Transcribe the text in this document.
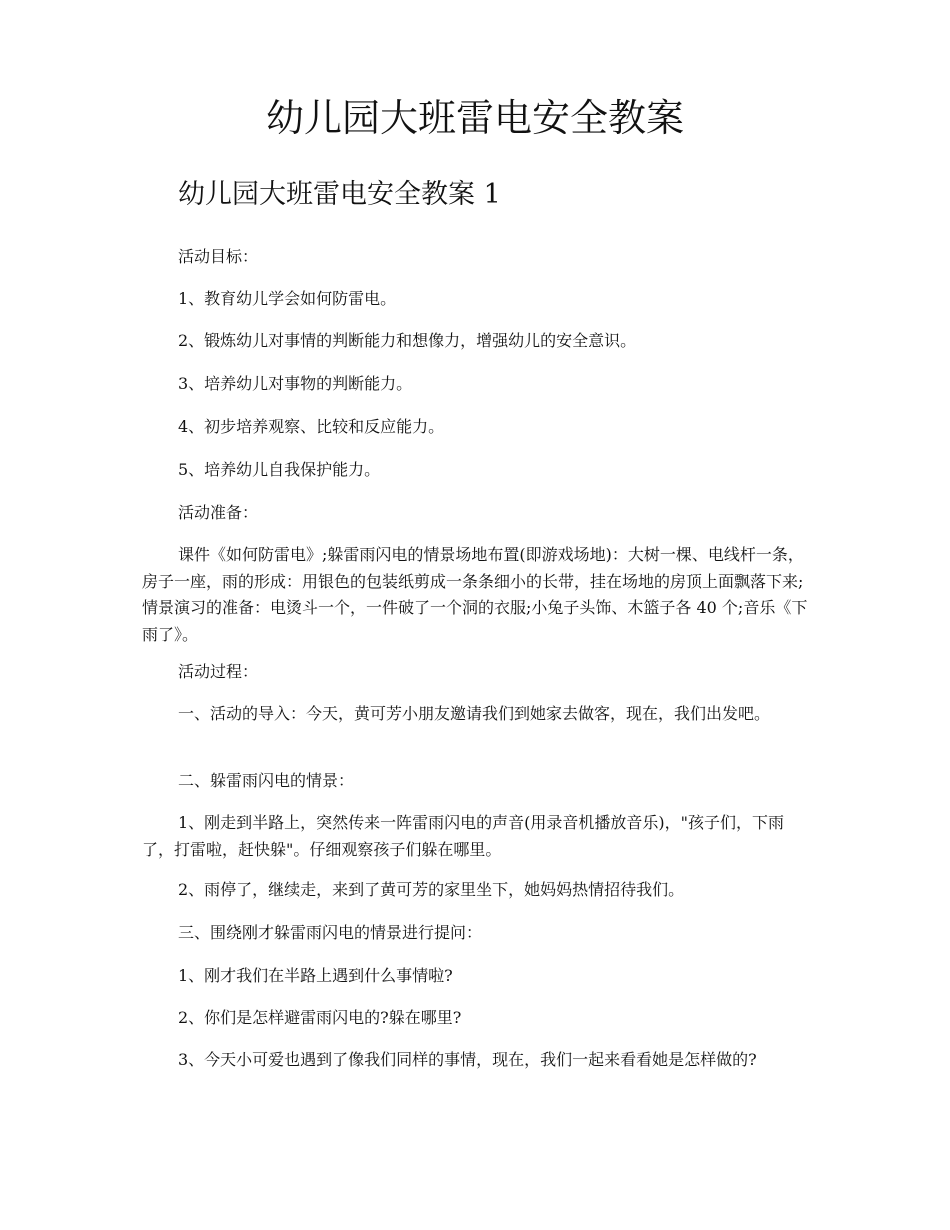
幼儿园大班雷电安全教案
幼儿园大班雷电安全教案 1

活动目标：

1、教育幼儿学会如何防雷电。

2、锻炼幼儿对事情的判断能力和想像力，增强幼儿的安全意识。

3、培养幼儿对事物的判断能力。

4、初步培养观察、比较和反应能力。

5、培养幼儿自我保护能力。

活动准备：

课件《如何防雷电》;躲雷雨闪电的情景场地布置(即游戏场地)：大树一棵、电线杆一条，房子一座，雨的形成：用银色的包装纸剪成一条条细小的长带，挂在场地的房顶上面飘落下来;情景演习的准备：电烫斗一个，一件破了一个洞的衣服;小兔子头饰、木篮子各 40 个;音乐《下雨了》。

活动过程：

一、活动的导入：今天，黄可芳小朋友邀请我们到她家去做客，现在，我们出发吧。

二、躲雷雨闪电的情景：

1、刚走到半路上，突然传来一阵雷雨闪电的声音(用录音机播放音乐)，"孩子们，下雨了，打雷啦，赶快躲"。仔细观察孩子们躲在哪里。

2、雨停了，继续走，来到了黄可芳的家里坐下，她妈妈热情招待我们。

三、围绕刚才躲雷雨闪电的情景进行提问：

1、刚才我们在半路上遇到什么事情啦?

2、你们是怎样避雷雨闪电的?躲在哪里?

3、今天小可爱也遇到了像我们同样的事情，现在，我们一起来看看她是怎样做的?
